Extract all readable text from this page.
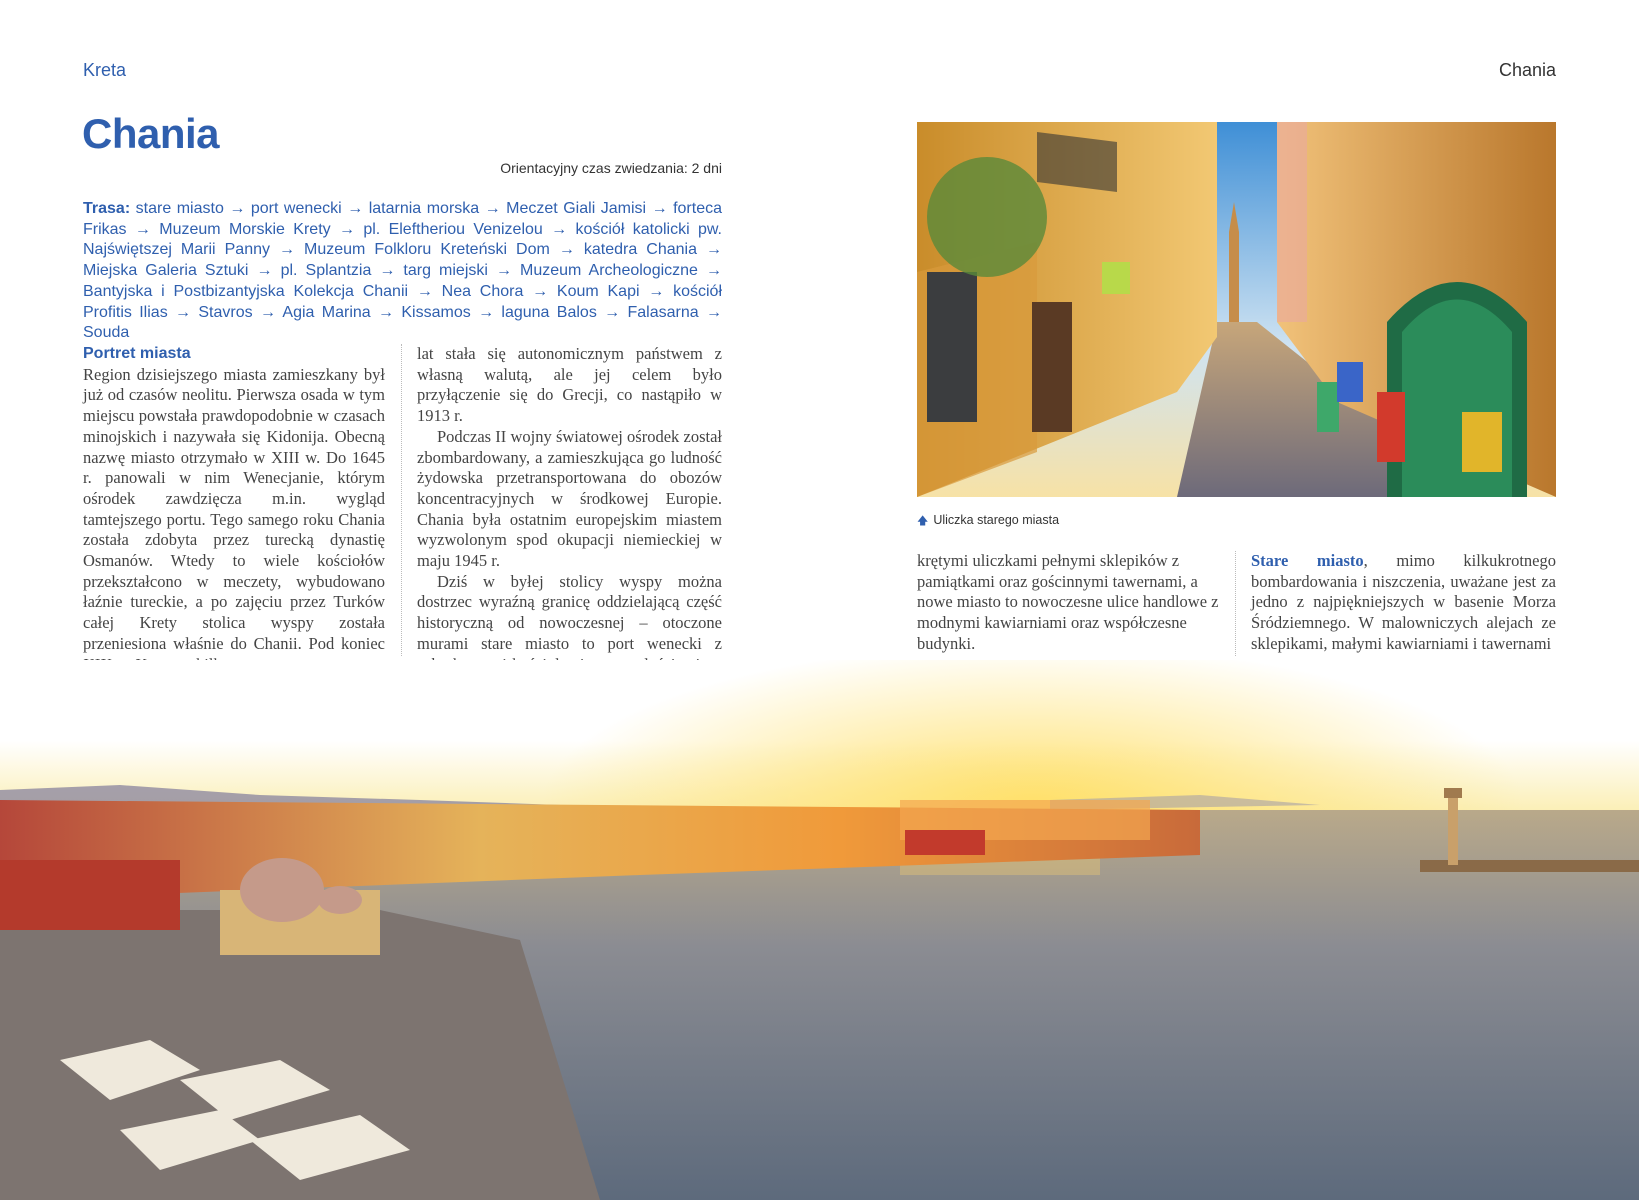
Kreta	Chania
Chania
Orientacyjny czas zwiedzania: 2 dni
Trasa: stare miasto → port wenecki → latarnia morska → Meczet Giali Jamisi → forteca Frikas → Muzeum Morskie Krety → pl. Eleftheriou Venizelou → kościół katolicki pw. Najświętszej Marii Panny → Muzeum Folkloru Kreteński Dom → katedra Chania → Miejska Galeria Sztuki → pl. Splantzia → targ miejski → Muzeum Archeologiczne → Bantyjska i Postbizantyjska Kolekcja Chanii → Nea Chora → Koum Kapi → kościół Profitis Ilias → Stavros → Agia Marina → Kissamos → laguna Balos → Falasarna → Souda
Portret miasta
Region dzisiejszego miasta zamieszkany był już od czasów neolitu. Pierwsza osada w tym miejscu powstała prawdopodobnie w czasach minojskich i nazywała się Kidonija. Obecną nazwę miasto otrzymało w XIII w. Do 1645 r. panowali w nim Wenecjanie, którym ośrodek zawdzięcza m.in. wygląd tamtejszego portu. Tego samego roku Chania została zdobyta przez turecką dynastię Osmanów. Wtedy to wiele kościołów przekształcono w meczety, wybudowano łaźnie tureckie, a po zajęciu przez Turków całej Krety stolica wyspy została przeniesiona właśnie do Chanii. Pod koniec
lat stała się autonomicznym państwem z własną walutą, ale jej celem było przyłączenie się do Grecji, co nastąpiło w 1913 r.
Podczas II wojny światowej ośrodek został zbombardowany, a zamieszkująca go ludność żydowska przetransportowana do obozów koncentracyjnych w środkowej Europie. Chania była ostatnim europejskim miastem wyzwolonym spod okupacji niemieckiej w maju 1945 r.
Dziś w byłej stolicy wyspy można dostrzec wyraźną granicę oddzielającą część historyczną od nowoczesnej – otoczone murami stare miasto to port wenecki z
🡅 Uliczka starego miasta
krętymi uliczkami pełnymi sklepików z pamiątkami oraz gościnnymi tawernami, a nowe miasto to nowoczesne ulice handlowe z modnymi kawiarniami oraz współczesne budynki.
Stare miasto, mimo kilkukrotnego bombardowania i niszczenia, uważane jest za jedno z najpiękniejszych w basenie Morza Śródziemnego. W malowniczych alejach ze sklepikami, małymi kawiarniami i tawernami
